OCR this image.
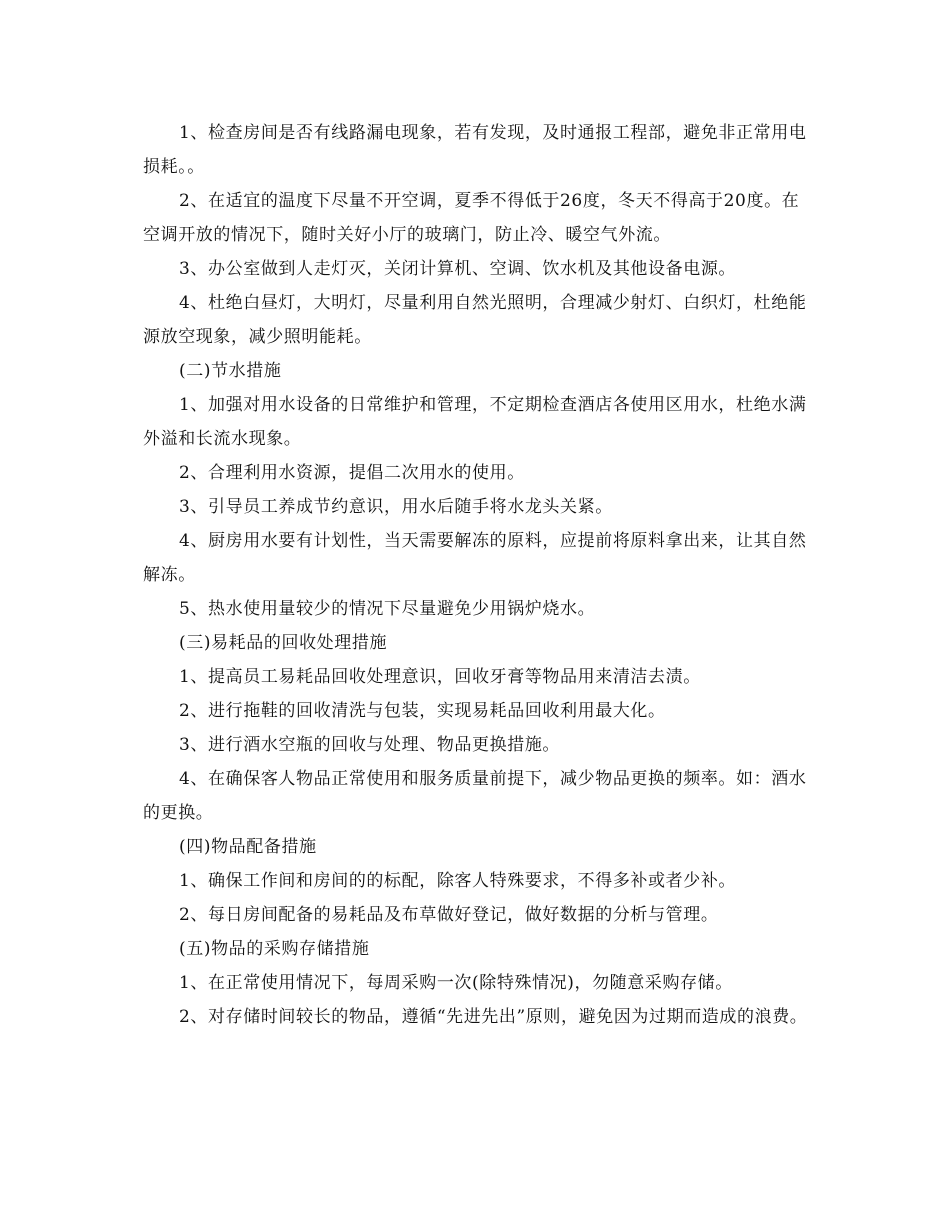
1、检查房间是否有线路漏电现象，若有发现，及时通报工程部，避免非正常用电损耗。。

2、在适宜的温度下尽量不开空调，夏季不得低于26度，冬天不得高于20度。在空调开放的情况下，随时关好小厅的玻璃门，防止冷、暖空气外流。

3、办公室做到人走灯灭，关闭计算机、空调、饮水机及其他设备电源。

4、杜绝白昼灯，大明灯，尽量利用自然光照明，合理减少射灯、白织灯，杜绝能源放空现象，减少照明能耗。

(二)节水措施

1、加强对用水设备的日常维护和管理，不定期检查酒店各使用区用水，杜绝水满外溢和长流水现象。

2、合理利用水资源，提倡二次用水的使用。

3、引导员工养成节约意识，用水后随手将水龙头关紧。

4、厨房用水要有计划性，当天需要解冻的原料，应提前将原料拿出来，让其自然解冻。

5、热水使用量较少的情况下尽量避免少用锅炉烧水。

(三)易耗品的回收处理措施

1、提高员工易耗品回收处理意识，回收牙膏等物品用来清洁去渍。

2、进行拖鞋的回收清洗与包装，实现易耗品回收利用最大化。

3、进行酒水空瓶的回收与处理、物品更换措施。

4、在确保客人物品正常使用和服务质量前提下，减少物品更换的频率。如：酒水的更换。

(四)物品配备措施

1、确保工作间和房间的的标配，除客人特殊要求，不得多补或者少补。

2、每日房间配备的易耗品及布草做好登记，做好数据的分析与管理。

(五)物品的采购存储措施

1、在正常使用情况下，每周采购一次(除特殊情况)，勿随意采购存储。

2、对存储时间较长的物品，遵循“先进先出”原则，避免因为过期而造成的浪费。
